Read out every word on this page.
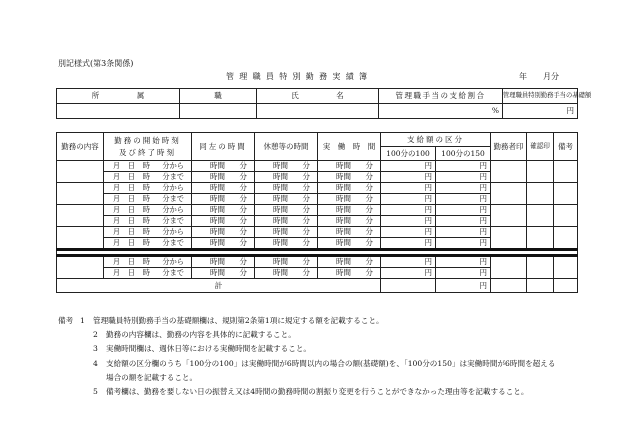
別記様式(第3条関係)
管理職員特別勤務実績簿	年　　月分
所　　　　　属	職	氏　　　　　名	管理職手当の支給割合	管理職員特別勤務手当の基礎額
			%	円
勤務の内容	勤務の開始時刻
及び終了時刻	同左の時間	休憩等の時間	実　働　時　間	支給額の区分		勤務者印	確認印	備考
					100分の100	100分の150			
	月 日 時 分から	時間 分	時間 分	時間 分	円	円			
	月 日 時 分まで	時間 分	時間 分	時間 分	円	円			
	月 日 時 分から	時間 分	時間 分	時間 分	円	円			
	月 日 時 分まで	時間 分	時間 分	時間 分	円	円			
	月 日 時 分から	時間 分	時間 分	時間 分	円	円			
	月 日 時 分まで	時間 分	時間 分	時間 分	円	円			
	月 日 時 分から	時間 分	時間 分	時間 分	円	円			
	月 日 時 分まで	時間 分	時間 分	時間 分	円	円			

	月 日 時 分から	時間 分	時間 分	時間 分	円	円			
	月 日 時 分まで	時間 分	時間 分	時間 分	円	円			
計						円			
備考 1 管理職員特別勤務手当の基礎額欄は、規則第2条第1項に規定する額を記載すること。
2 勤務の内容欄は、勤務の内容を具体的に記載すること。
3 実働時間欄は、週休日等における実働時間を記載すること。
4 支給額の区分欄のうち「100分の100」は実働時間が6時間以内の場合の額(基礎額)を、「100分の150」は実働時間が6時間を超える
場合の額を記載すること。
5 備考欄は、勤務を要しない日の振替え又は4時間の勤務時間の割振り変更を行うことができなかった理由等を記載すること。
